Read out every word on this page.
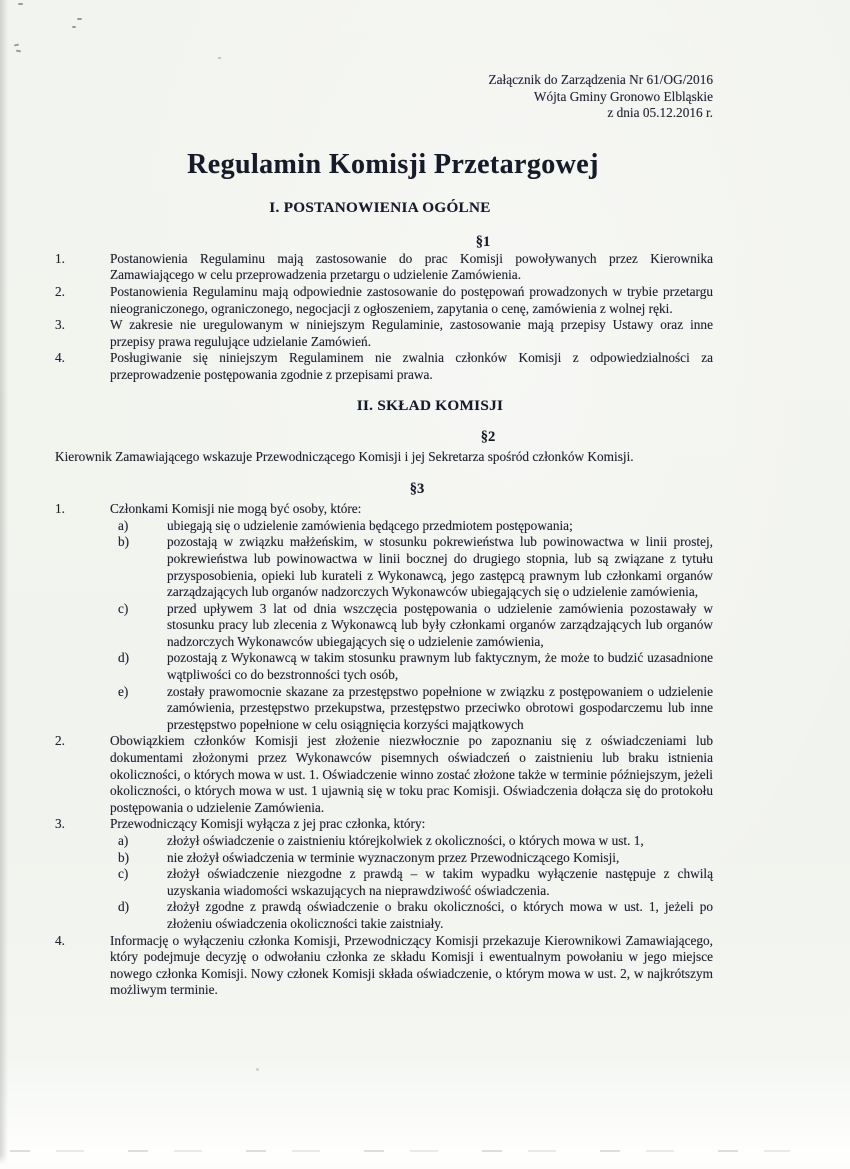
Załącznik do Zarządzenia Nr 61/OG/2016
Wójta Gminy Gronowo Elbląskie
z dnia 05.12.2016 r.
Regulamin Komisji Przetargowej
I. POSTANOWIENIA OGÓLNE
§1
1.	Postanowienia Regulaminu mają zastosowanie do prac Komisji powoływanych przez Kierownika Zamawiającego w celu przeprowadzenia przetargu o udzielenie Zamówienia.
2.	Postanowienia Regulaminu mają odpowiednie zastosowanie do postępowań prowadzonych w trybie przetargu nieograniczonego, ograniczonego, negocjacji z ogłoszeniem, zapytania o cenę, zamówienia z wolnej ręki.
3.	W zakresie nie uregulowanym w niniejszym Regulaminie, zastosowanie mają przepisy Ustawy oraz inne przepisy prawa regulujące udzielanie Zamówień.
4.	Posługiwanie się niniejszym Regulaminem nie zwalnia członków Komisji z odpowiedzialności za przeprowadzenie postępowania zgodnie z przepisami prawa.
II. SKŁAD KOMISJI
§2
Kierownik Zamawiającego wskazuje Przewodniczącego Komisji i jej Sekretarza spośród członków Komisji.
§3
1.	Członkami Komisji nie mogą być osoby, które:
a)	ubiegają się o udzielenie zamówienia będącego przedmiotem postępowania;
b)	pozostają w związku małżeńskim, w stosunku pokrewieństwa lub powinowactwa w linii prostej, pokrewieństwa lub powinowactwa w linii bocznej do drugiego stopnia, lub są związane z tytułu przysposobienia, opieki lub kurateli z Wykonawcą, jego zastępcą prawnym lub członkami organów zarządzających lub organów nadzorczych Wykonawców ubiegających się o udzielenie zamówienia,
c)	przed upływem 3 lat od dnia wszczęcia postępowania o udzielenie zamówienia pozostawały w stosunku pracy lub zlecenia z Wykonawcą lub były członkami organów zarządzających lub organów nadzorczych Wykonawców ubiegających się o udzielenie zamówienia,
d)	pozostają z Wykonawcą w takim stosunku prawnym lub faktycznym, że może to budzić uzasadnione wątpliwości co do bezstronności tych osób,
e)	zostały prawomocnie skazane za przestępstwo popełnione w związku z postępowaniem o udzielenie zamówienia, przestępstwo przekupstwa, przestępstwo przeciwko obrotowi gospodarczemu lub inne przestępstwo popełnione w celu osiągnięcia korzyści majątkowych
2.	Obowiązkiem członków Komisji jest złożenie niezwłocznie po zapoznaniu się z oświadczeniami lub dokumentami złożonymi przez Wykonawców pisemnych oświadczeń o zaistnieniu lub braku istnienia okoliczności, o których mowa w ust. 1. Oświadczenie winno zostać złożone także w terminie późniejszym, jeżeli okoliczności, o których mowa w ust. 1 ujawnią się w toku prac Komisji. Oświadczenia dołącza się do protokołu postępowania o udzielenie Zamówienia.
3.	Przewodniczący Komisji wyłącza z jej prac członka, który:
a)	złożył oświadczenie o zaistnieniu którejkolwiek z okoliczności, o których mowa w ust. 1,
b)	nie złożył oświadczenia w terminie wyznaczonym przez Przewodniczącego Komisji,
c)	złożył oświadczenie niezgodne z prawdą – w takim wypadku wyłączenie następuje z chwilą uzyskania wiadomości wskazujących na nieprawdziwość oświadczenia.
d)	złożył zgodne z prawdą oświadczenie o braku okoliczności, o których mowa w ust. 1, jeżeli po złożeniu oświadczenia okoliczności takie zaistniały.
4.	Informację o wyłączeniu członka Komisji, Przewodniczący Komisji przekazuje Kierownikowi Zamawiającego, który podejmuje decyzję o odwołaniu członka ze składu Komisji i ewentualnym powołaniu w jego miejsce nowego członka Komisji. Nowy członek Komisji składa oświadczenie, o którym mowa w ust. 2, w najkrótszym możliwym terminie.
